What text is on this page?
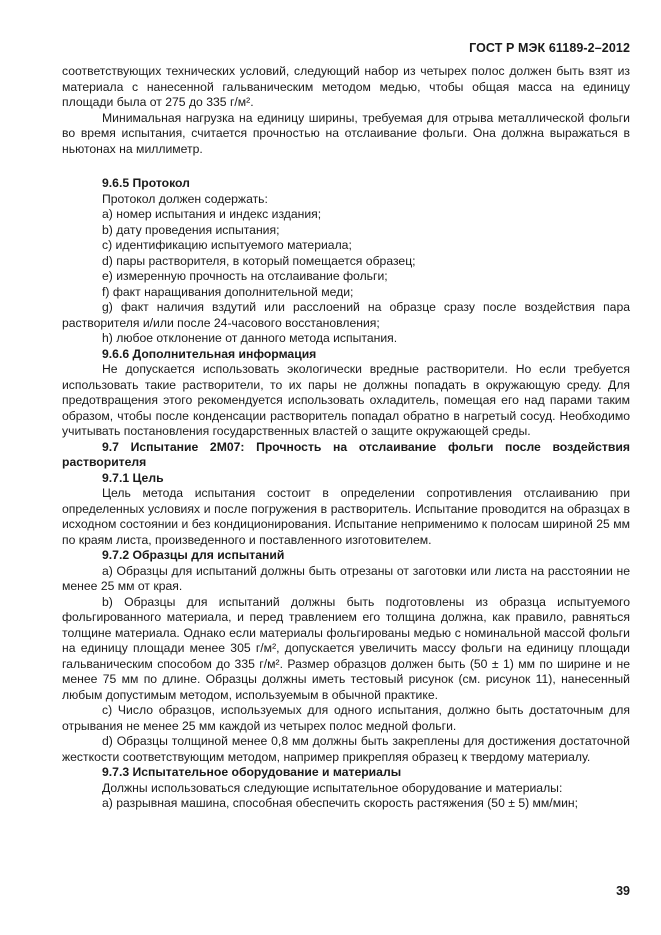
ГОСТ Р МЭК 61189-2–2012

соответствующих технических условий, следующий набор из четырех полос должен быть взят из материала с нанесенной гальваническим методом медью, чтобы общая масса на единицу площади была от 275 до 335 г/м².

Минимальная нагрузка на единицу ширины, требуемая для отрыва металлической фольги во время испытания, считается прочностью на отслаивание фольги. Она должна выражаться в ньютонах на миллиметр.

9.6.5 Протокол

Протокол должен содержать:

a) номер испытания и индекс издания;

b) дату проведения испытания;

c) идентификацию испытуемого материала;

d) пары растворителя, в который помещается образец;

e) измеренную прочность на отслаивание фольги;

f) факт наращивания дополнительной меди;

g) факт наличия вздутий или расслоений на образце сразу после воздействия пара растворителя и/или после 24-часового восстановления;

h) любое отклонение от данного метода испытания.

9.6.6 Дополнительная информация

Не допускается использовать экологически вредные растворители. Но если требуется использовать такие растворители, то их пары не должны попадать в окружающую среду. Для предотвращения этого рекомендуется использовать охладитель, помещая его над парами таким образом, чтобы после конденсации растворитель попадал обратно в нагретый сосуд. Необходимо учитывать постановления государственных властей о защите окружающей среды.

9.7 Испытание 2М07: Прочность на отслаивание фольги после воздействия растворителя

9.7.1 Цель

Цель метода испытания состоит в определении сопротивления отслаиванию при определенных условиях и после погружения в растворитель. Испытание проводится на образцах в исходном состоянии и без кондиционирования. Испытание неприменимо к полосам шириной 25 мм по краям листа, произведенного и поставленного изготовителем.

9.7.2 Образцы для испытаний

a) Образцы для испытаний должны быть отрезаны от заготовки или листа на расстоянии не менее 25 мм от края.

b) Образцы для испытаний должны быть подготовлены из образца испытуемого фольгированного материала, и перед травлением его толщина должна, как правило, равняться толщине материала. Однако если материалы фольгированы медью с номинальной массой фольги на единицу площади менее 305 г/м², допускается увеличить массу фольги на единицу площади гальваническим способом до 335 г/м². Размер образцов должен быть (50 ± 1) мм по ширине и не менее 75 мм по длине. Образцы должны иметь тестовый рисунок (см. рисунок 11), нанесенный любым допустимым методом, используемым в обычной практике.

c) Число образцов, используемых для одного испытания, должно быть достаточным для отрывания не менее 25 мм каждой из четырех полос медной фольги.

d) Образцы толщиной менее 0,8 мм должны быть закреплены для достижения достаточной жесткости соответствующим методом, например прикрепляя образец к твердому материалу.

9.7.3 Испытательное оборудование и материалы

Должны использоваться следующие испытательное оборудование и материалы:

a) разрывная машина, способная обеспечить скорость растяжения (50 ± 5) мм/мин;

39
